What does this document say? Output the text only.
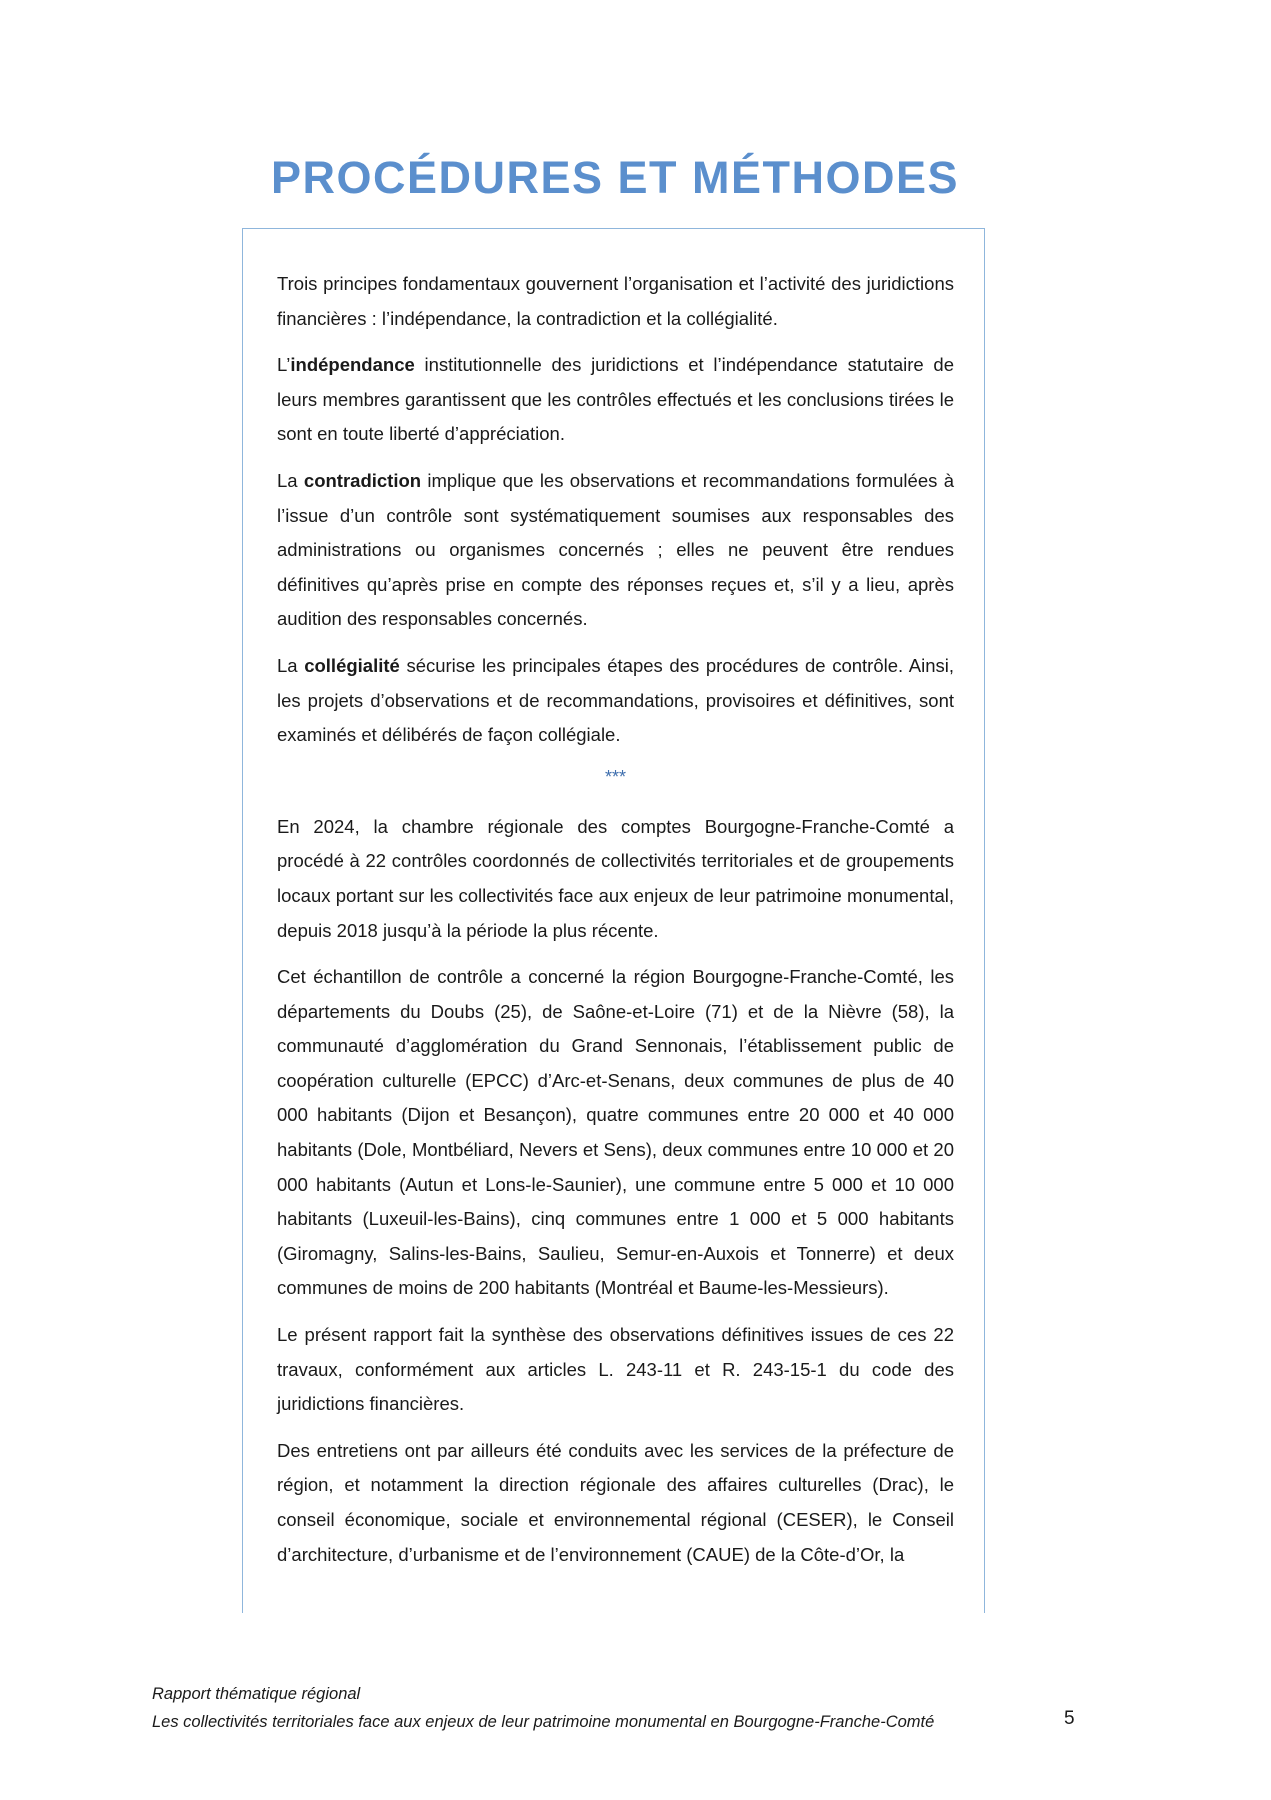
PROCÉDURES ET MÉTHODES

Trois principes fondamentaux gouvernent l’organisation et l’activité des juridictions financières : l’indépendance, la contradiction et la collégialité.

L’indépendance institutionnelle des juridictions et l’indépendance statutaire de leurs membres garantissent que les contrôles effectués et les conclusions tirées le sont en toute liberté d’appréciation.

La contradiction implique que les observations et recommandations formulées à l’issue d’un contrôle sont systématiquement soumises aux responsables des administrations ou organismes concernés ; elles ne peuvent être rendues définitives qu’après prise en compte des réponses reçues et, s’il y a lieu, après audition des responsables concernés.

La collégialité sécurise les principales étapes des procédures de contrôle. Ainsi, les projets d’observations et de recommandations, provisoires et définitives, sont examinés et délibérés de façon collégiale.

***

En 2024, la chambre régionale des comptes Bourgogne-Franche-Comté a procédé à 22 contrôles coordonnés de collectivités territoriales et de groupements locaux portant sur les collectivités face aux enjeux de leur patrimoine monumental, depuis 2018 jusqu’à la période la plus récente.

Cet échantillon de contrôle a concerné la région Bourgogne-Franche-Comté, les départements du Doubs (25), de Saône-et-Loire (71) et de la Nièvre (58), la communauté d’agglomération du Grand Sennonais, l’établissement public de coopération culturelle (EPCC) d’Arc-et-Senans, deux communes de plus de 40 000 habitants (Dijon et Besançon), quatre communes entre 20 000 et 40 000 habitants (Dole, Montbéliard, Nevers et Sens), deux communes entre 10 000 et 20 000 habitants (Autun et Lons-le-Saunier), une commune entre 5 000 et 10 000 habitants (Luxeuil-les-Bains), cinq communes entre 1 000 et 5 000 habitants (Giromagny, Salins-les-Bains, Saulieu, Semur-en-Auxois et Tonnerre) et deux communes de moins de 200 habitants (Montréal et Baume-les-Messieurs).

Le présent rapport fait la synthèse des observations définitives issues de ces 22 travaux, conformément aux articles L. 243-11 et R. 243-15-1 du code des juridictions financières.

Des entretiens ont par ailleurs été conduits avec les services de la préfecture de région, et notamment la direction régionale des affaires culturelles (Drac), le conseil économique, sociale et environnemental régional (CESER), le Conseil d’architecture, d’urbanisme et de l’environnement (CAUE) de la Côte-d’Or, la

Rapport thématique régional
Les collectivités territoriales face aux enjeux de leur patrimoine monumental en Bourgogne-Franche-Comté	5
